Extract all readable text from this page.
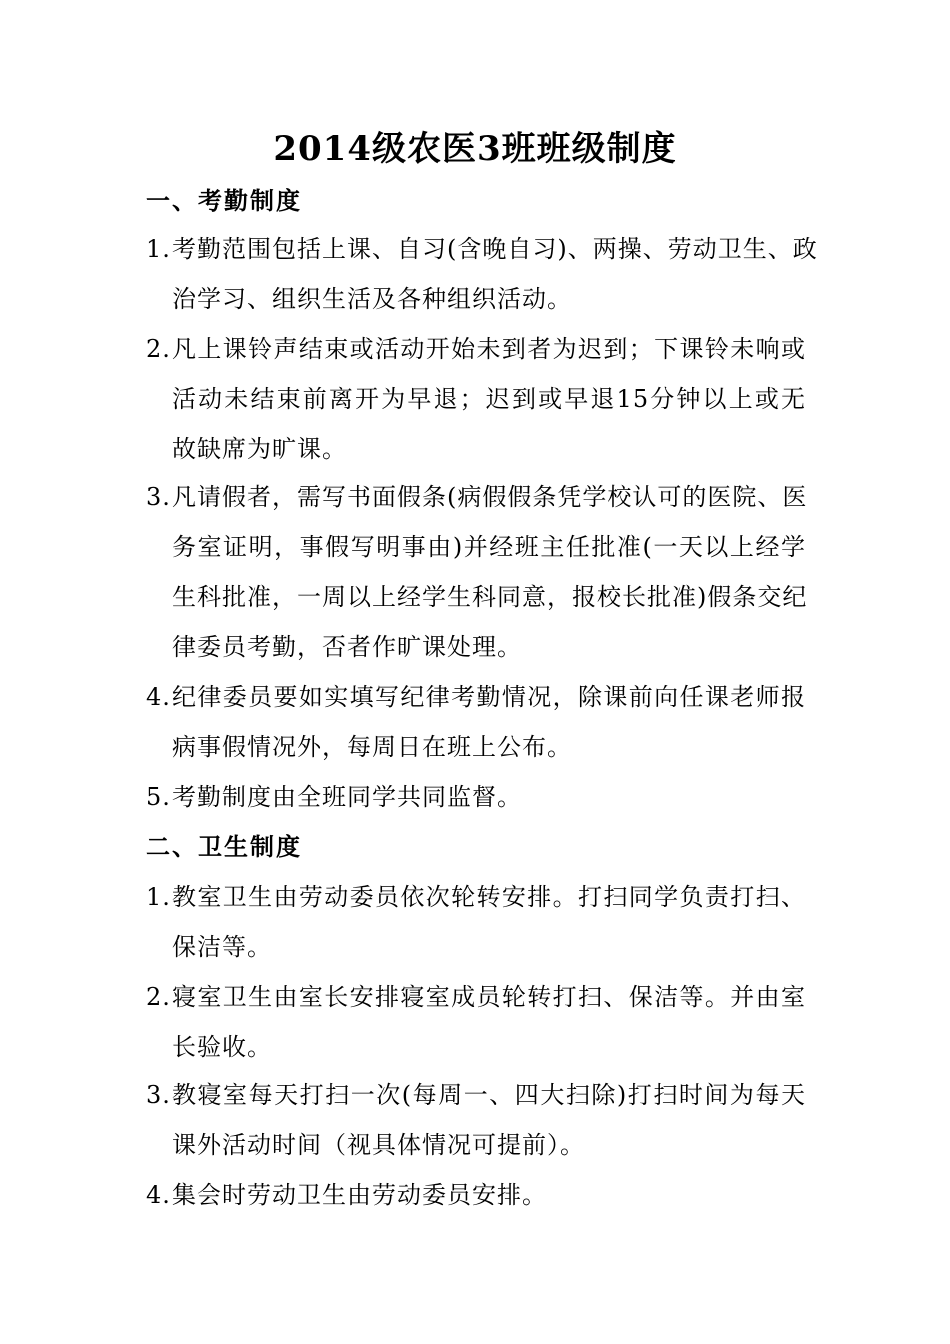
2014级农医3班班级制度
一、考勤制度
1. 考勤范围包括上课、自习(含晚自习)、两操、劳动卫生、政
治学习、组织生活及各种组织活动。
2. 凡上课铃声结束或活动开始未到者为迟到；下课铃未响或
活动未结束前离开为早退；迟到或早退15分钟以上或无
故缺席为旷课。
3. 凡请假者，需写书面假条(病假假条凭学校认可的医院、医
务室证明，事假写明事由)并经班主任批准(一天以上经学
生科批准，一周以上经学生科同意，报校长批准)假条交纪
律委员考勤，否者作旷课处理。
4. 纪律委员要如实填写纪律考勤情况，除课前向任课老师报
病事假情况外，每周日在班上公布。
5. 考勤制度由全班同学共同监督。
二、卫生制度
1. 教室卫生由劳动委员依次轮转安排。打扫同学负责打扫、
保洁等。
2. 寝室卫生由室长安排寝室成员轮转打扫、保洁等。并由室
长验收。
3. 教寝室每天打扫一次(每周一、四大扫除)打扫时间为每天
课外活动时间（视具体情况可提前）。
4. 集会时劳动卫生由劳动委员安排。
